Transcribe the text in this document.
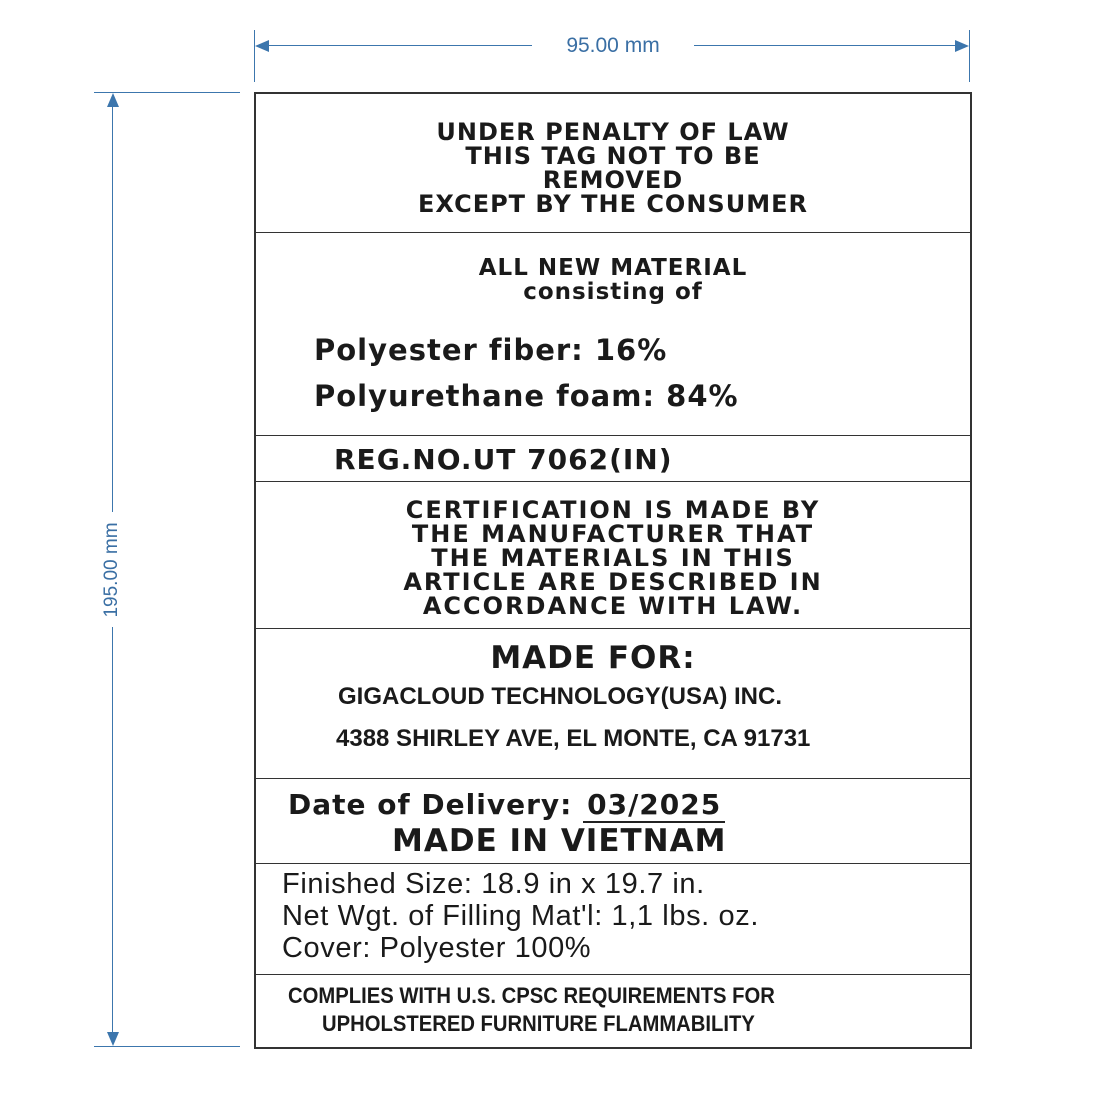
95.00 mm
195.00 mm
UNDER PENALTY OF LAW
THIS TAG NOT TO BE
REMOVED
EXCEPT BY THE CONSUMER
ALL NEW MATERIAL
consisting of
Polyester fiber: 16%
Polyurethane foam: 84%
REG.NO.UT 7062(IN)
CERTIFICATION IS MADE BY
THE MANUFACTURER THAT
THE MATERIALS IN THIS
ARTICLE ARE DESCRIBED IN
ACCORDANCE WITH LAW.
MADE FOR:
GIGACLOUD TECHNOLOGY(USA) INC.
4388 SHIRLEY AVE, EL MONTE, CA 91731
Date of Delivery: 03/2025
MADE IN VIETNAM
Finished Size: 18.9 in x 19.7 in.
Net Wgt. of Filling Mat'l: 1,1 lbs. oz.
Cover: Polyester 100%
COMPLIES WITH U.S. CPSC REQUIREMENTS FOR
UPHOLSTERED FURNITURE FLAMMABILITY
